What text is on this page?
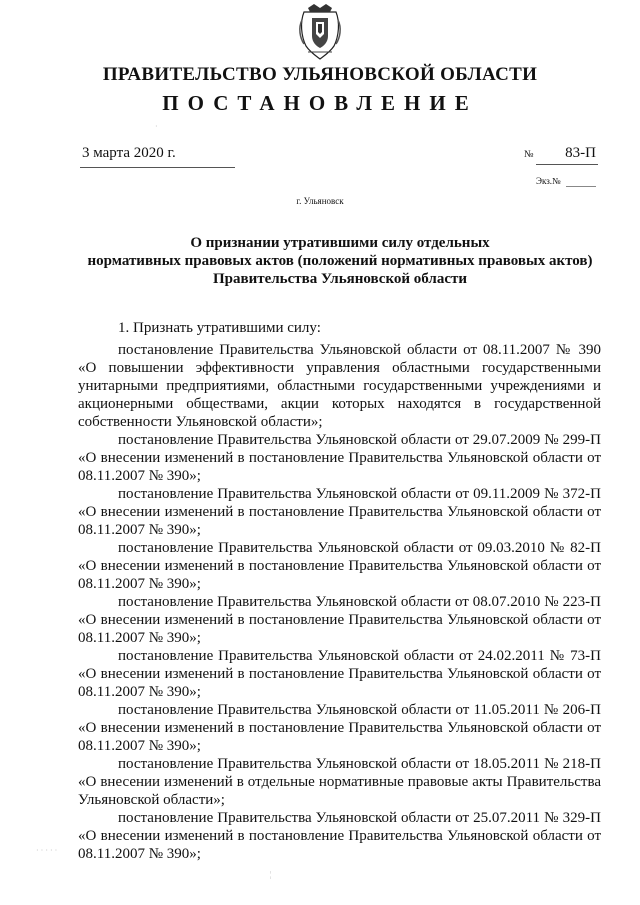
ПРАВИТЕЛЬСТВО УЛЬЯНОВСКОЙ ОБЛАСТИ
ПОСТАНОВЛЕНИЕ
3 марта 2020 г.	№	83-П
Экз.№
г. Ульяновск
О признании утратившими силу отдельных
нормативных правовых актов (положений нормативных правовых актов)
Правительства Ульяновской области
1. Признать утратившими силу:
постановление Правительства Ульяновской области от 08.11.2007 № 390 «О повышении эффективности управления областными государственными унитарными предприятиями, областными государственными учреждениями и акционерными обществами, акции которых находятся в государственной собственности Ульяновской области»;
постановление Правительства Ульяновской области от 29.07.2009 № 299-П «О внесении изменений в постановление Правительства Ульяновской области от 08.11.2007 № 390»;
постановление Правительства Ульяновской области от 09.11.2009 № 372-П «О внесении изменений в постановление Правительства Ульяновской области от 08.11.2007 № 390»;
постановление Правительства Ульяновской области от 09.03.2010 № 82-П «О внесении изменений в постановление Правительства Ульяновской области от 08.11.2007 № 390»;
постановление Правительства Ульяновской области от 08.07.2010 № 223-П «О внесении изменений в постановление Правительства Ульяновской области от 08.11.2007 № 390»;
постановление Правительства Ульяновской области от 24.02.2011 № 73-П «О внесении изменений в постановление Правительства Ульяновской области от 08.11.2007 № 390»;
постановление Правительства Ульяновской области от 11.05.2011 № 206-П «О внесении изменений в постановление Правительства Ульяновской области от 08.11.2007 № 390»;
постановление Правительства Ульяновской области от 18.05.2011 № 218-П «О внесении изменений в отдельные нормативные правовые акты Правительства Ульяновской области»;
постановление Правительства Ульяновской области от 25.07.2011 № 329-П «О внесении изменений в постановление Правительства Ульяновской области от 08.11.2007 № 390»;
·
· · · · ·
¦
